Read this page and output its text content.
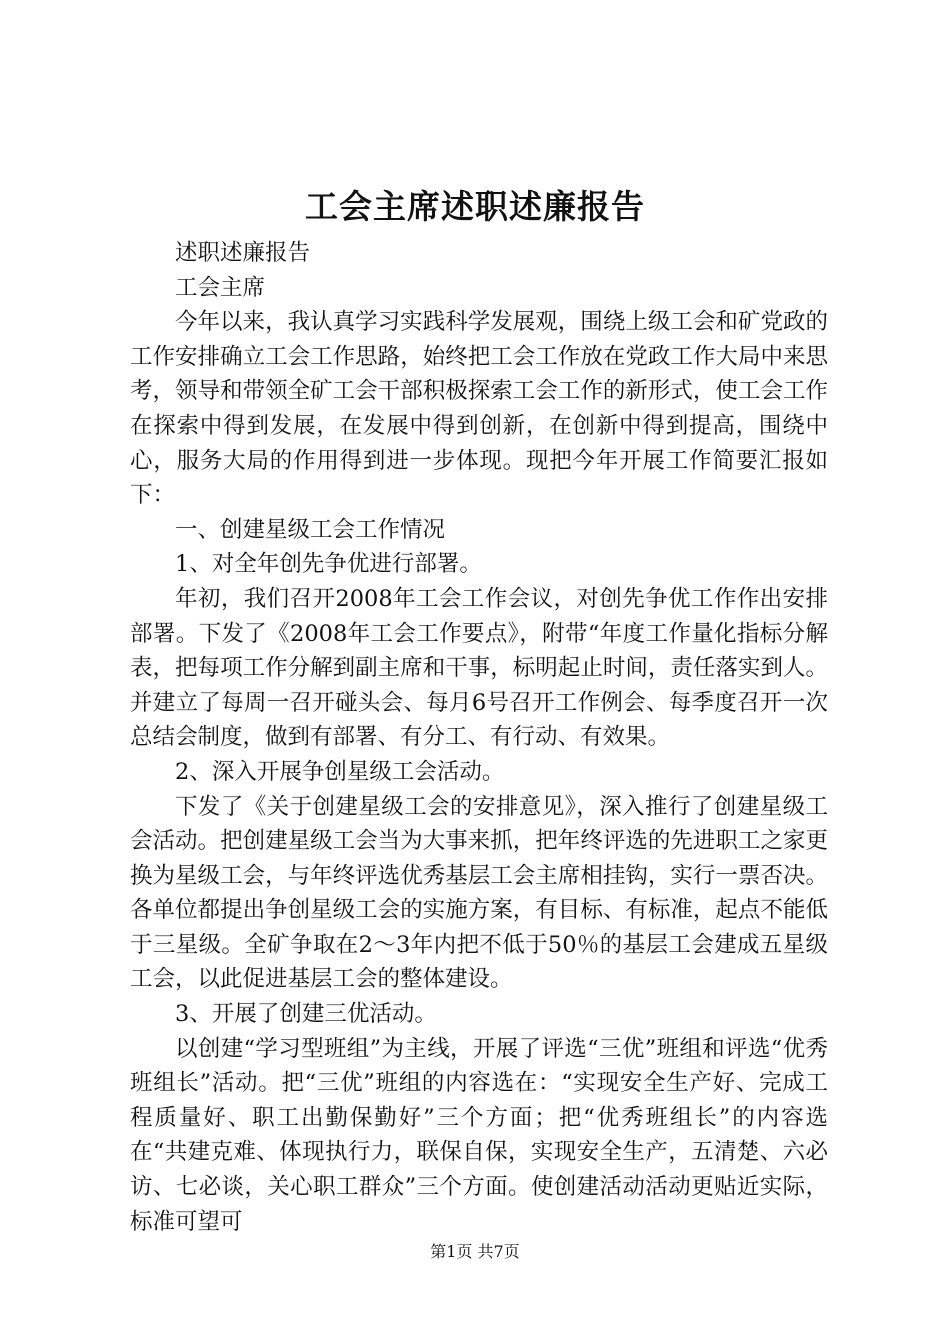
工会主席述职述廉报告

述职述廉报告

工会主席

今年以来，我认真学习实践科学发展观，围绕上级工会和矿党政的工作安排确立工会工作思路，始终把工会工作放在党政工作大局中来思考，领导和带领全矿工会干部积极探索工会工作的新形式，使工会工作在探索中得到发展，在发展中得到创新，在创新中得到提高，围绕中心，服务大局的作用得到进一步体现。现把今年开展工作简要汇报如下：

一、创建星级工会工作情况

1、对全年创先争优进行部署。

年初，我们召开2008年工会工作会议，对创先争优工作作出安排部署。下发了《2008年工会工作要点》，附带“年度工作量化指标分解表，把每项工作分解到副主席和干事，标明起止时间，责任落实到人。并建立了每周一召开碰头会、每月6号召开工作例会、每季度召开一次总结会制度，做到有部署、有分工、有行动、有效果。

2、深入开展争创星级工会活动。

下发了《关于创建星级工会的安排意见》，深入推行了创建星级工会活动。把创建星级工会当为大事来抓，把年终评选的先进职工之家更换为星级工会，与年终评选优秀基层工会主席相挂钩，实行一票否决。各单位都提出争创星级工会的实施方案，有目标、有标准，起点不能低于三星级。全矿争取在2～3年内把不低于50％的基层工会建成五星级工会，以此促进基层工会的整体建设。

3、开展了创建三优活动。

以创建“学习型班组”为主线，开展了评选“三优”班组和评选“优秀班组长”活动。把“三优”班组的内容选在：“实现安全生产好、完成工程质量好、职工出勤保勤好”三个方面；把“优秀班组长”的内容选在“共建克难、体现执行力，联保自保，实现安全生产，五清楚、六必访、七必谈，关心职工群众”三个方面。使创建活动活动更贴近实际，标准可望可

第1页 共7页
